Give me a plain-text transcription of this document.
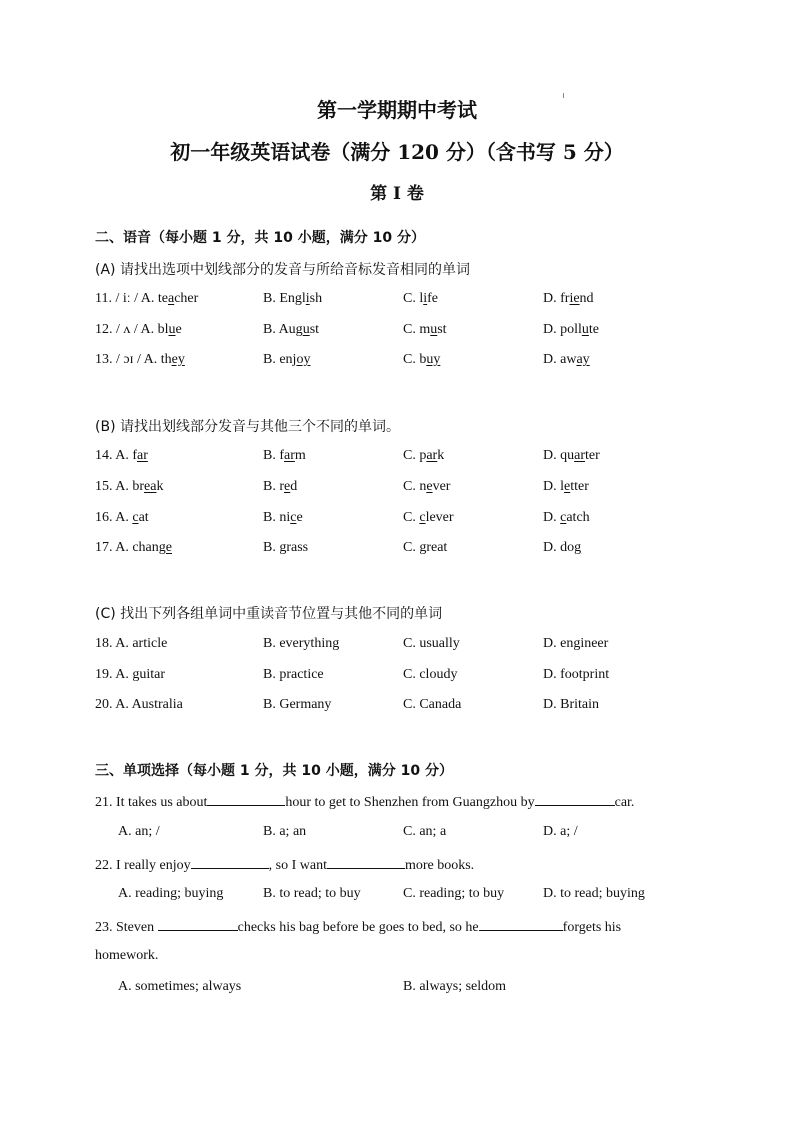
第一学期期中考试
初一年级英语试卷（满分 120 分）（含书写 5 分）
第 I 卷
二、语音（每小题 1 分，共 10 小题，满分 10 分）
(A) 请找出选项中划线部分的发音与所给音标发音相同的单词
11. / iː / A. teacher	B. English	C. life	D. friend
12. / ʌ / A. blue	B. August	C. must	D. pollute
13. / ɔɪ / A. they	B. enjoy	C. buy	D. away
(B) 请找出划线部分发音与其他三个不同的单词。
14. A. far	B. farm	C. park	D. quarter
15. A. break	B. red	C. never	D. letter
16. A. cat	B. nice	C. clever	D. catch
17. A. change	B. grass	C. great	D. dog
(C) 找出下列各组单词中重读音节位置与其他不同的单词
18. A. article	B. everything	C. usually	D. engineer
19. A. guitar	B. practice	C. cloudy	D. footprint
20. A. Australia	B. Germany	C. Canada	D. Britain
三、单项选择（每小题 1 分，共 10 小题，满分 10 分）
21. It takes us about	hour to get to Shenzhen from Guangzhou by	car.
A. an; /	B. a; an	C. an; a	D. a; /
22. I really enjoy	, so I want	more books.
A. reading; buying	B. to read; to buy	C. reading; to buy	D. to read; buying
23. Steven	checks his bag before be goes to bed, so he	forgets his
homework.
A. sometimes; always	B. always; seldom
